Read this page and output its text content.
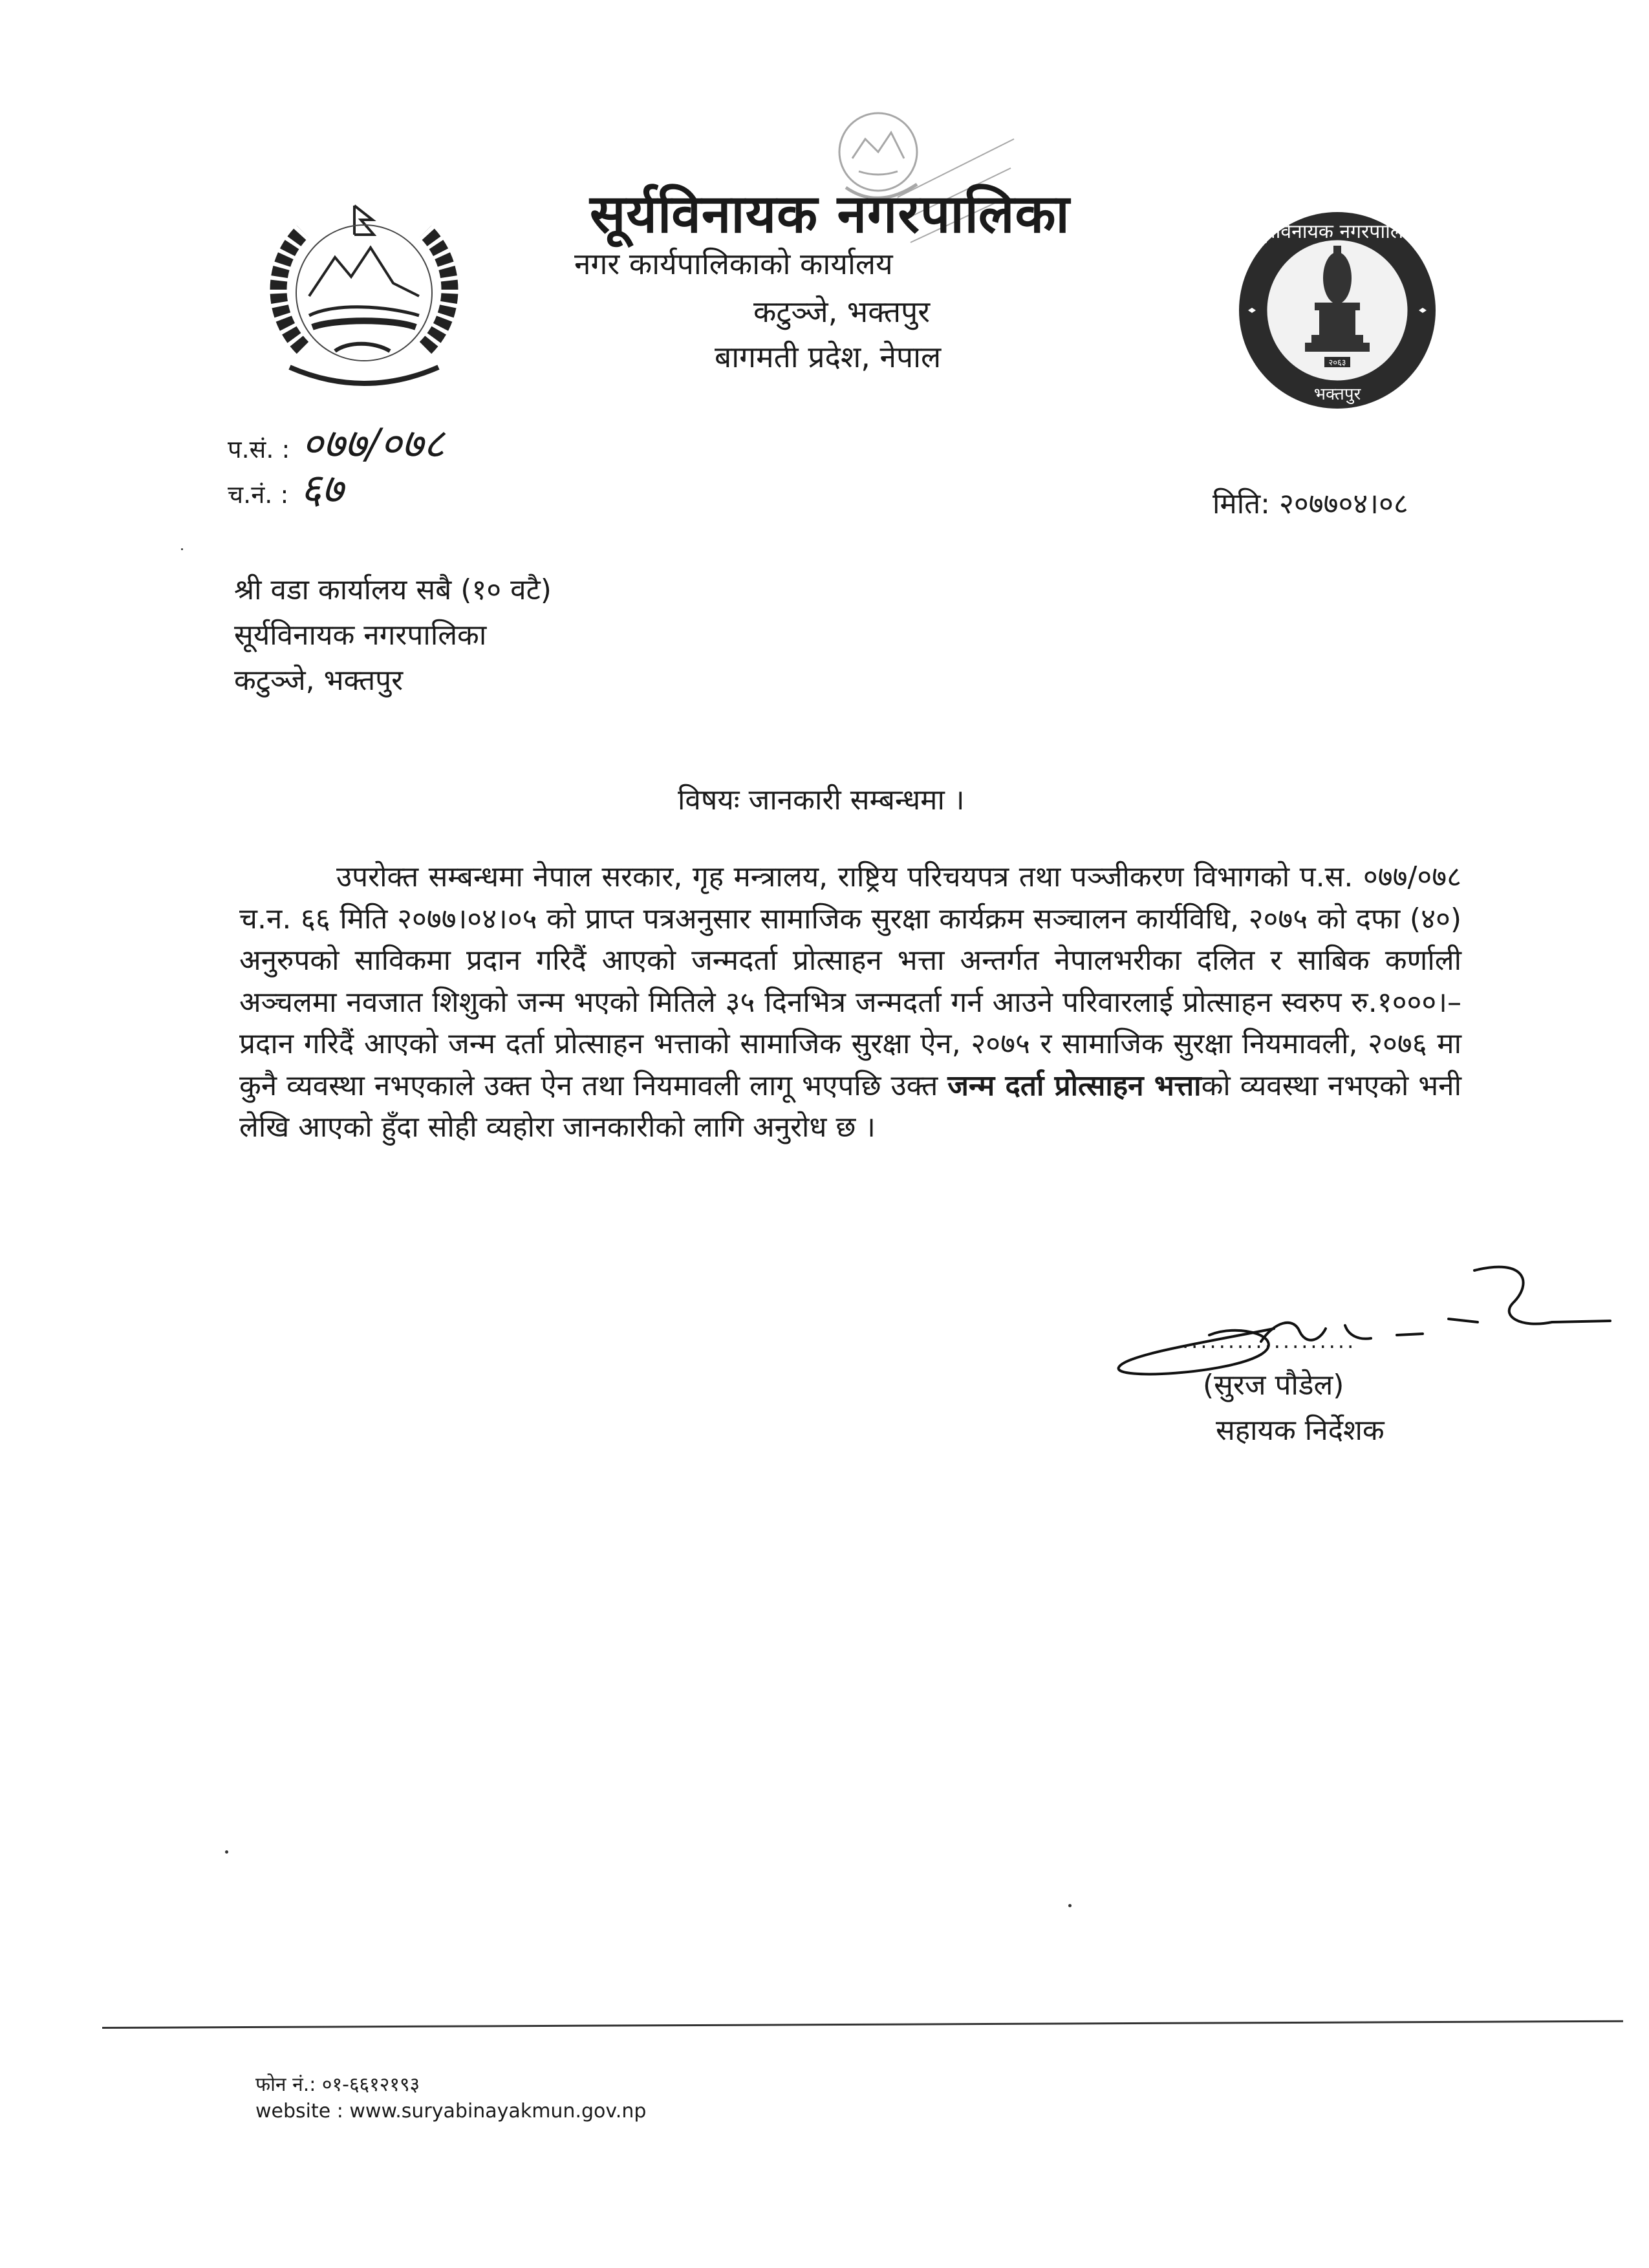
२०६३
सूर्यविनायक नगरपालिका
भक्तपुर
सूर्यविनायक नगरपालिका
नगर कार्यपालिकाको कार्यालय
कटुञ्जे, भक्तपुर
बागमती प्रदेश, नेपाल
प.सं. : ०७७/०७८
च.नं. : ६७	मिति: २०७७०४।०८
श्री वडा कार्यालय सबै (१० वटै)
सूर्यविनायक नगरपालिका
कटुञ्जे, भक्तपुर
विषयः जानकारी सम्बन्धमा ।
उपरोक्त सम्बन्धमा नेपाल सरकार, गृह मन्त्रालय, राष्ट्रिय परिचयपत्र तथा पञ्जीकरण विभागको प.स. ०७७/०७८ च.न. ६६ मिति २०७७।०४।०५ को प्राप्त पत्रअनुसार सामाजिक सुरक्षा कार्यक्रम सञ्चालन कार्यविधि, २०७५ को दफा (४०) अनुरुपको साविकमा प्रदान गरिदैं आएको जन्मदर्ता प्रोत्साहन भत्ता अन्तर्गत नेपालभरीका दलित र साबिक कर्णाली अञ्चलमा नवजात शिशुको जन्म भएको मितिले ३५ दिनभित्र जन्मदर्ता गर्न आउने परिवारलाई प्रोत्साहन स्वरुप रु.१०००।– प्रदान गरिदैं आएको जन्म दर्ता प्रोत्साहन भत्ताको सामाजिक सुरक्षा ऐन, २०७५ र सामाजिक सुरक्षा नियमावली, २०७६ मा कुनै व्यवस्था नभएकाले उक्त ऐन तथा नियमावली लागू भएपछि उक्त जन्म दर्ता प्रोत्साहन भत्ताको व्यवस्था नभएको भनी लेखि आएको हुँदा सोही व्यहोरा जानकारीको लागि अनुरोध छ ।
...................
(सुरज पौडेल)
सहायक निर्देशक
फोन नं.: ०१-६६१२१९३
website : www.suryabinayakmun.gov.np
